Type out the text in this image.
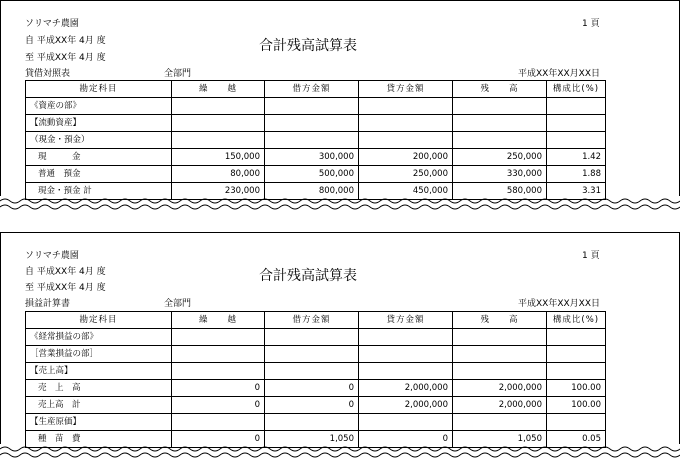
ソリマチ農園
自 平成XX年 4月 度
至 平成XX年 4月 度
合計残高試算表
1 頁
貸借対照表	全部門	平成XX年XX月XX日
勘定科目	繰　　越	借方金額	貸方金額	残　　高	構成比(%)
《資産の部》					
【流動資産】					
（現金・預金）					
現　　　金	150,000	300,000	200,000	250,000	1.42
普通　預金	80,000	500,000	250,000	330,000	1.88
現金・預金 計	230,000	800,000	450,000	580,000	3.31
ソリマチ農園
自 平成XX年 4月 度
至 平成XX年 4月 度
合計残高試算表
1 頁
損益計算書	全部門	平成XX年XX月XX日
勘定科目	繰　　越	借方金額	貸方金額	残　　高	構成比(%)
《経常損益の部》					
［営業損益の部］					
【売上高】					
売　上　高	0	0	2,000,000	2,000,000	100.00
売上高　計	0	0	2,000,000	2,000,000	100.00
【生産原価】					
種　苗　費	0	1,050	0	1,050	0.05
